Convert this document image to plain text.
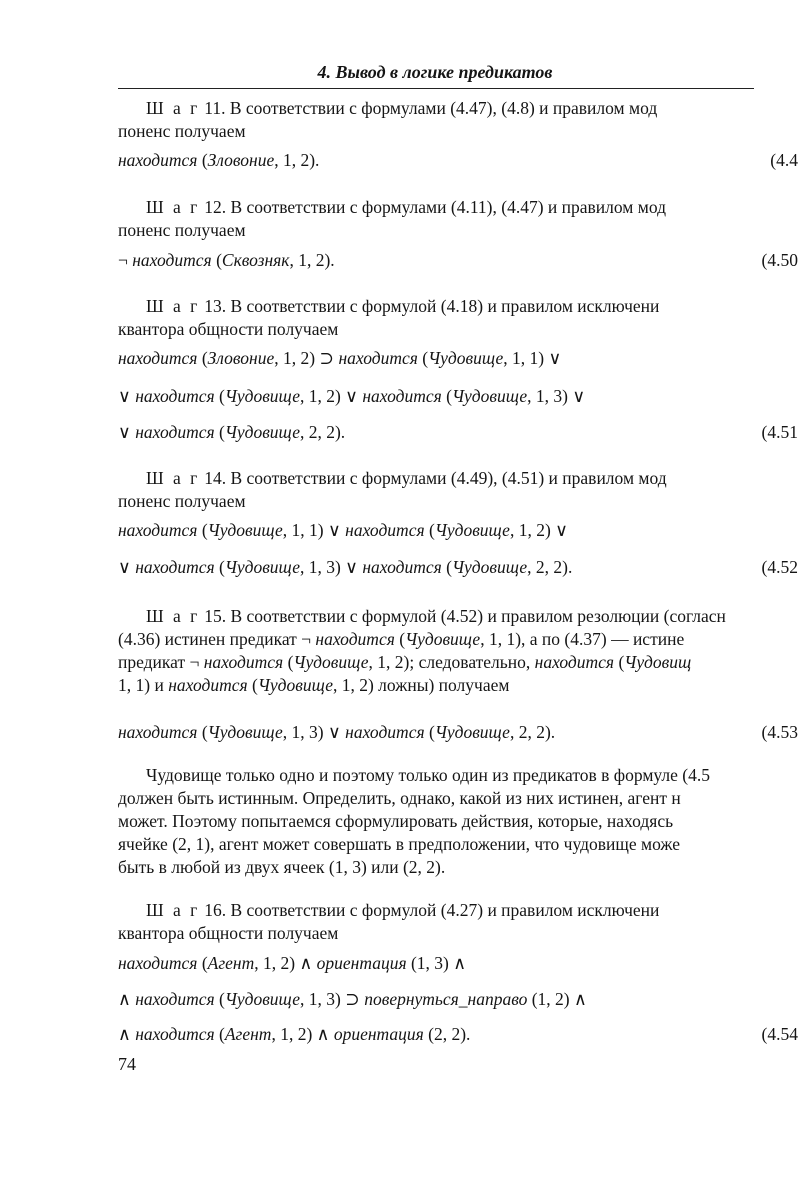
4. Вывод в логике предикатов
Ш а г 11. В соответствии с формулами (4.47), (4.8) и правилом мод
поненс получаем
находится (Зловоние, 1, 2).	(4.4
Ш а г 12. В соответствии с формулами (4.11), (4.47) и правилом мод
поненс получаем
¬ находится (Сквозняк, 1, 2).	(4.50
Ш а г 13. В соответствии с формулой (4.18) и правилом исключени
квантора общности получаем
находится (Зловоние, 1, 2) ⊃ находится (Чудовище, 1, 1) ∨
∨ находится (Чудовище, 1, 2) ∨ находится (Чудовище, 1, 3) ∨
∨ находится (Чудовище, 2, 2).	(4.51
Ш а г 14. В соответствии с формулами (4.49), (4.51) и правилом мод
поненс получаем
находится (Чудовище, 1, 1) ∨ находится (Чудовище, 1, 2) ∨
∨ находится (Чудовище, 1, 3) ∨ находится (Чудовище, 2, 2).	(4.52
Ш а г 15. В соответствии с формулой (4.52) и правилом резолюции (согласн
(4.36) истинен предикат ¬ находится (Чудовище, 1, 1), а по (4.37) — истине
предикат ¬ находится (Чудовище, 1, 2); следовательно, находится (Чудовищ
1, 1) и находится (Чудовище, 1, 2) ложны) получаем
находится (Чудовище, 1, 3) ∨ находится (Чудовище, 2, 2).	(4.53
Чудовище только одно и поэтому только один из предикатов в формуле (4.5
должен быть истинным. Определить, однако, какой из них истинен, агент н
может. Поэтому попытаемся сформулировать действия, которые, находясь
ячейке (2, 1), агент может совершать в предположении, что чудовище може
быть в любой из двух ячеек (1, 3) или (2, 2).
Ш а г 16. В соответствии с формулой (4.27) и правилом исключени
квантора общности получаем
находится (Агент, 1, 2) ∧ ориентация (1, 3) ∧
∧ находится (Чудовище, 1, 3) ⊃ повернуться_направо (1, 2) ∧
∧ находится (Агент, 1, 2) ∧ ориентация (2, 2).	(4.54
74
